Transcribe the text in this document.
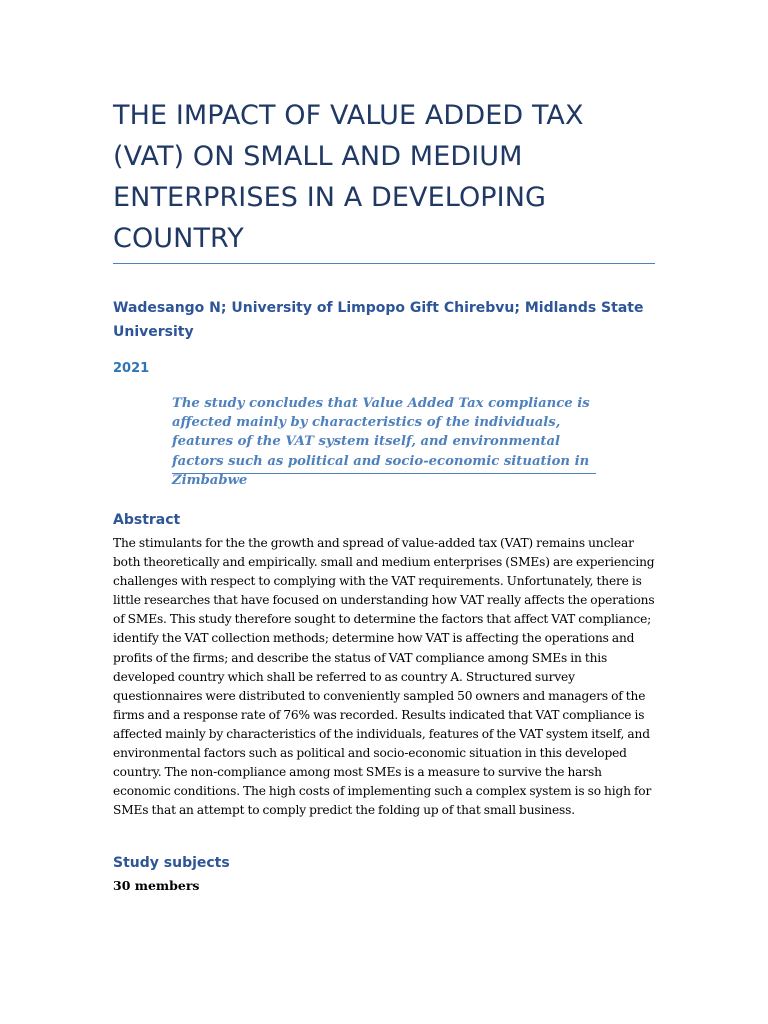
THE IMPACT OF VALUE ADDED TAX (VAT) ON SMALL AND MEDIUM ENTERPRISES IN A DEVELOPING COUNTRY
Wadesango N; University of Limpopo Gift Chirebvu; Midlands State University
2021
The study concludes that Value Added Tax compliance is affected mainly by characteristics of the individuals, features of the VAT system itself, and environmental factors such as political and socio-economic situation in Zimbabwe
Abstract

The stimulants for the the growth and spread of value-added tax (VAT) remains unclear both theoretically and empirically. small and medium enterprises (SMEs) are experiencing challenges with respect to complying with the VAT requirements. Unfortunately, there is little researches that have focused on understanding how VAT really affects the operations of SMEs. This study therefore sought to determine the factors that affect VAT compliance; identify the VAT collection methods; determine how VAT is affecting the operations and profits of the firms; and describe the status of VAT compliance among SMEs in this developed country which shall be referred to as country A. Structured survey questionnaires were distributed to conveniently sampled 50 owners and managers of the firms and a response rate of 76% was recorded. Results indicated that VAT compliance is affected mainly by characteristics of the individuals, features of the VAT system itself, and environmental factors such as political and socio-economic situation in this developed country. The non-compliance among most SMEs is a measure to survive the harsh economic conditions. The high costs of implementing such a complex system is so high for SMEs that an attempt to comply predict the folding up of that small business.

Study subjects
30 members
